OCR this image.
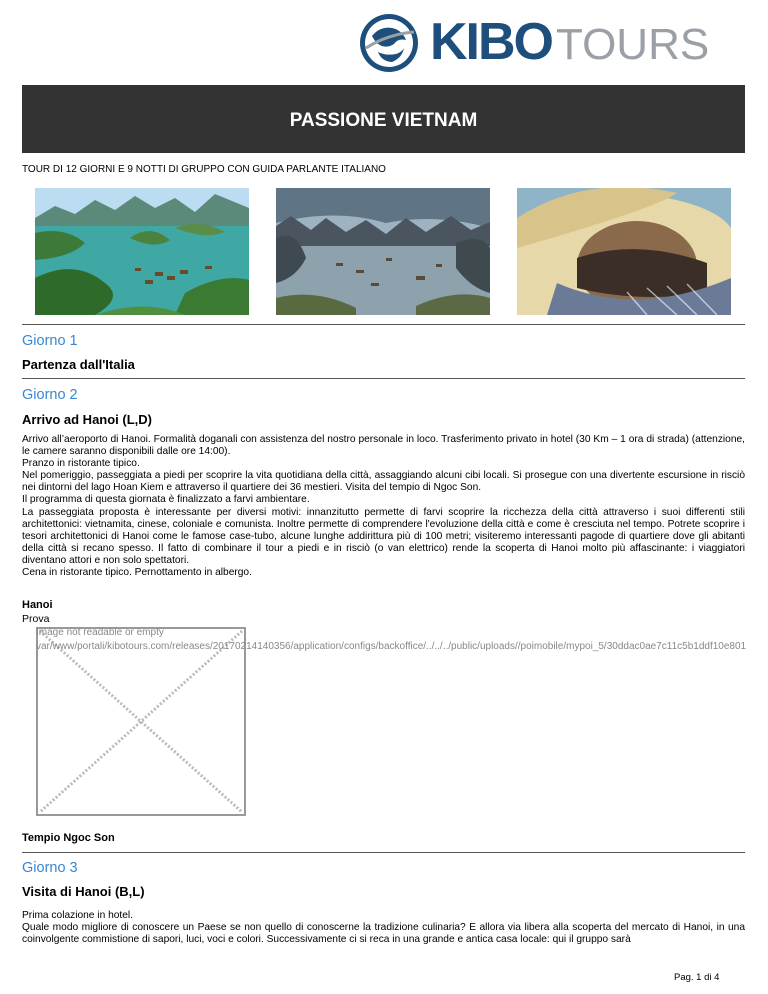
KIBOTOURS
PASSIONE VIETNAM
TOUR DI 12 GIORNI E 9 NOTTI DI GRUPPO CON GUIDA PARLANTE ITALIANO
Giorno 1
Partenza dall'Italia
Giorno 2
Arrivo ad Hanoi (L,D)

Arrivo all’aeroporto di Hanoi. Formalità doganali con assistenza del nostro personale in loco. Trasferimento privato in hotel (30 Km – 1 ora di strada) (attenzione, le camere saranno disponibili dalle ore 14:00).

Pranzo in ristorante tipico.

Nel pomeriggio, passeggiata a piedi per scoprire la vita quotidiana della città, assaggiando alcuni cibi locali. Si prosegue con una divertente escursione in risciò nei dintorni del lago Hoan Kiem e attraverso il quartiere dei 36 mestieri. Visita del tempio di Ngoc Son.

Il programma di questa giornata è finalizzato a farvi ambientare.

La passeggiata proposta è interessante per diversi motivi: innanzitutto permette di farvi scoprire la ricchezza della città attraverso i suoi differenti stili architettonici: vietnamita, cinese, coloniale e comunista. Inoltre permette di comprendere l'evoluzione della città e come è cresciuta nel tempo. Potrete scoprire i tesori architettonici di Hanoi come le famose case-tubo, alcune lunghe addirittura più di 100 metri; visiteremo interessanti pagode di quartiere dove gli abitanti della città si recano spesso. Il fatto di combinare il tour a piedi e in risciò (o van elettrico) rende la scoperta di Hanoi molto più affascinante: i viaggiatori diventano attori e non solo spettatori.

Cena in ristorante tipico. Pernottamento in albergo.

Hanoi
Prova
Image not readable or empty
var/www/portali/kibotours.com/releases/20170214140356/application/configs/backoffice/../../../public/uploads//poimobile/mypoi_5/30ddac0ae7c11c5b1ddf10e801
Tempio Ngoc Son
Giorno 3
Visita di Hanoi (B,L)

Prima colazione in hotel.

Quale modo migliore di conoscere un Paese se non quello di conoscerne la tradizione culinaria? E allora via libera alla scoperta del mercato di Hanoi, in una coinvolgente commistione di sapori, luci, voci e colori. Successivamente ci si reca in una grande e antica casa locale: qui il gruppo sarà

Pag. 1 di 4
